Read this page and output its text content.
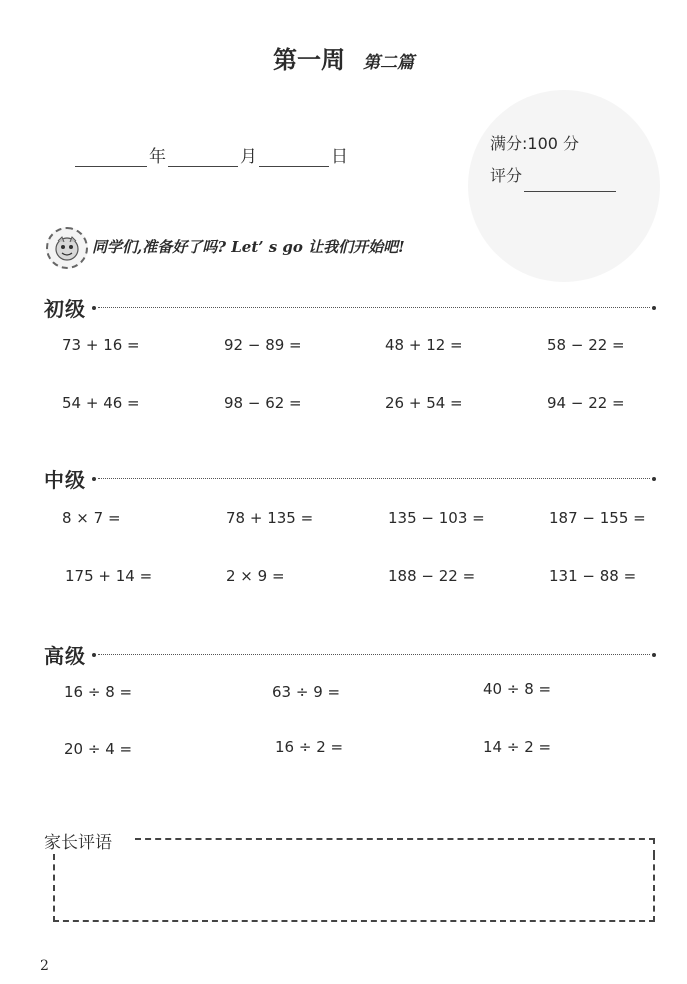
第一周 第二篇
年	月	日
满分:100 分
评分
同学们,准备好了吗? Let’ s go 让我们开始吧!
初级
73 + 16 =	92 − 89 =	48 + 12 =	58 − 22 =
54 + 46 =	98 − 62 =	26 + 54 =	94 − 22 =
中级
8 × 7 =	78 + 135 =	135 − 103 =	187 − 155 =
175 + 14 =	2 × 9 =	188 − 22 =	131 − 88 =
高级
16 ÷ 8 =	63 ÷ 9 =	40 ÷ 8 =
20 ÷ 4 =	16 ÷ 2 =	14 ÷ 2 =
家长评语
2
